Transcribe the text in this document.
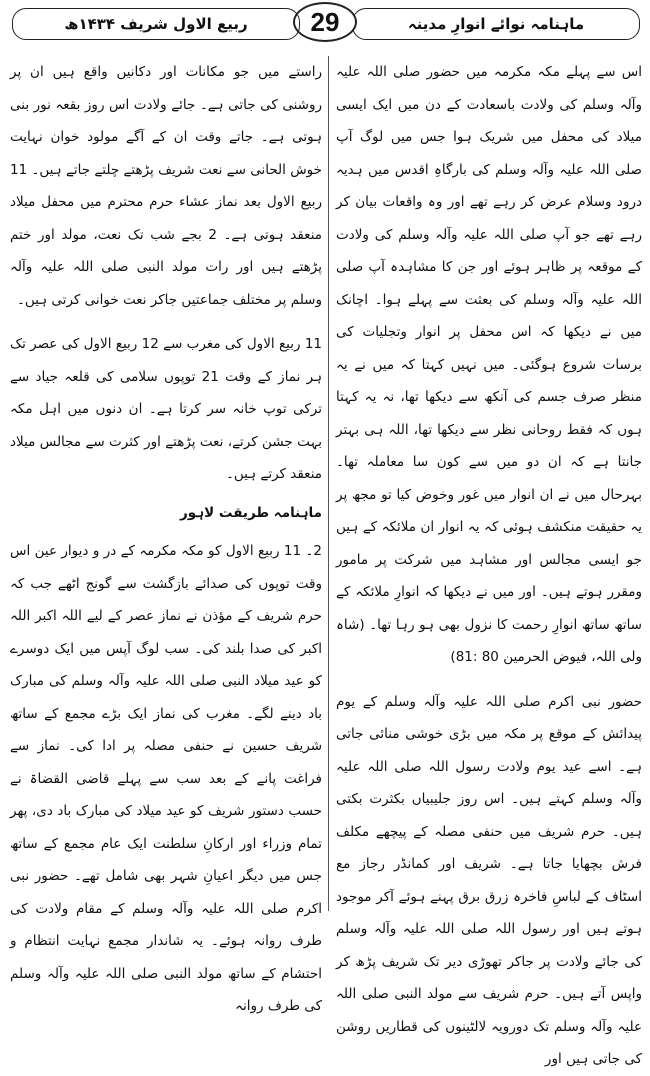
ماہنامہ نوائے انوارِ مدینہ
29
ربیع الاول شریف ۱۴۳۴ھ

اس سے پہلے مکہ مکرمہ میں حضور صلی اللہ علیہ وآلہ وسلم کی ولادت باسعادت کے دن میں ایک ایسی میلاد کی محفل میں شریک ہوا جس میں لوگ آپ صلی اللہ علیہ وآلہ وسلم کی بارگاہِ اقدس میں ہدیہ درود وسلام عرض کر رہے تھے اور وہ واقعات بیان کر رہے تھے جو آپ صلی اللہ علیہ وآلہ وسلم کی ولادت کے موقعہ پر ظاہر ہوئے اور جن کا مشاہدہ آپ صلی اللہ علیہ وآلہ وسلم کی بعثت سے پہلے ہوا۔ اچانک میں نے دیکھا کہ اس محفل پر انوار وتجلیات کی برسات شروع ہوگئی۔ میں نہیں کہتا کہ میں نے یہ منظر صرف جسم کی آنکھ سے دیکھا تھا، نہ یہ کہتا ہوں کہ فقط روحانی نظر سے دیکھا تھا، اللہ ہی بہتر جانتا ہے کہ ان دو میں سے کون سا معاملہ تھا۔ بہرحال میں نے ان انوار میں غور وخوض کیا تو مجھ پر یہ حقیقت منکشف ہوئی کہ یہ انوار ان ملائکہ کے ہیں جو ایسی مجالس اور مشاہد میں شرکت پر مامور ومقرر ہوتے ہیں۔ اور میں نے دیکھا کہ انوارِ ملائکہ کے ساتھ ساتھ انوارِ رحمت کا نزول بھی ہو رہا تھا۔ (شاہ ولی اللہ، فیوض الحرمین 80 :81)

حضور نبی اکرم صلی اللہ علیہ وآلہ وسلم کے یوم پیدائش کے موقع پر مکہ میں بڑی خوشی منائی جاتی ہے۔ اسے عید یوم ولادت رسول اللہ صلی اللہ علیہ وآلہ وسلم کہتے ہیں۔ اس روز جلیبیاں بکثرت بکتی ہیں۔ حرم شریف میں حنفی مصلہ کے پیچھے مکلف فرش بچھایا جاتا ہے۔ شریف اور کمانڈر رجاز مع اسٹاف کے لباسِ فاخرہ زرق برق پہنے ہوئے آکر موجود ہوتے ہیں اور رسول اللہ صلی اللہ علیہ وآلہ وسلم کی جائے ولادت پر جاکر تھوڑی دیر تک شریف پڑھ کر واپس آتے ہیں۔ حرم شریف سے مولد النبی صلی اللہ علیہ وآلہ وسلم تک دورویہ لالٹینوں کی قطاریں روشن کی جاتی ہیں اور

راستے میں جو مکانات اور دکانیں واقع ہیں ان پر روشنی کی جاتی ہے۔ جائے ولادت اس روز بقعہ نور بنی ہوتی ہے۔ جاتے وقت ان کے آگے مولود خوان نہایت خوش الحانی سے نعت شریف پڑھتے چلتے جاتے ہیں۔ 11 ربیع الاول بعد نماز عشاء حرم محترم میں محفل میلاد منعقد ہوتی ہے۔ 2 بجے شب تک نعت، مولد اور ختم پڑھتے ہیں اور رات مولد النبی صلی اللہ علیہ وآلہ وسلم پر مختلف جماعتیں جاکر نعت خوانی کرتی ہیں۔

11 ربیع الاول کی مغرب سے 12 ربیع الاول کی عصر تک ہر نماز کے وقت 21 توپوں سلامی کی قلعہ جیاد سے ترکی توپ خانہ سر کرتا ہے۔ ان دنوں میں اہل مکہ بہت جشن کرتے، نعت پڑھتے اور کثرت سے مجالس میلاد منعقد کرتے ہیں۔

ماہنامہ طریقت لاہور

2۔ 11 ربیع الاول کو مکہ مکرمہ کے در و دیوار عین اس وقت توپوں کی صدائے بازگشت سے گونج اٹھے جب کہ حرم شریف کے مؤذن نے نماز عصر کے لیے اللہ اکبر اللہ اکبر کی صدا بلند کی۔ سب لوگ آپس میں ایک دوسرے کو عید میلاد النبی صلی اللہ علیہ وآلہ وسلم کی مبارک باد دینے لگے۔ مغرب کی نماز ایک بڑے مجمع کے ساتھ شریف حسین نے حنفی مصلہ پر ادا کی۔ نماز سے فراغت پانے کے بعد سب سے پہلے قاضی القضاۃ نے حسب دستور شریف کو عید میلاد کی مبارک باد دی، پھر تمام وزراء اور ارکانِ سلطنت ایک عام مجمع کے ساتھ جس میں دیگر اعیانِ شہر بھی شامل تھے۔ حضور نبی اکرم صلی اللہ علیہ وآلہ وسلم کے مقام ولادت کی طرف روانہ ہوئے۔ یہ شاندار مجمع نہایت انتظام و احتشام کے ساتھ مولد النبی صلی اللہ علیہ وآلہ وسلم کی طرف روانہ
